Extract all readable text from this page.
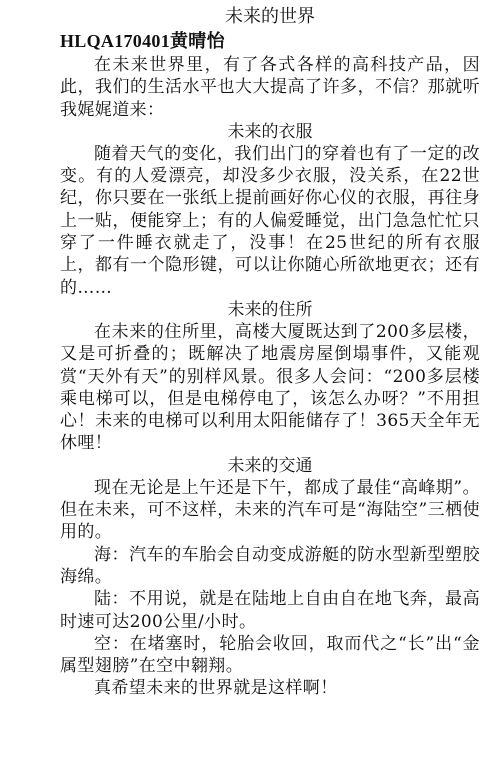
未来的世界
HLQA170401黄晴怡

在未来世界里，有了各式各样的高科技产品，因此，我们的生活水平也大大提高了许多，不信？那就听我娓娓道来：

未来的衣服

随着天气的变化，我们出门的穿着也有了一定的改变。有的人爱漂亮，却没多少衣服，没关系，在22世纪，你只要在一张纸上提前画好你心仪的衣服，再往身上一贴，便能穿上；有的人偏爱睡觉，出门急急忙忙只穿了一件睡衣就走了，没事！在25世纪的所有衣服上，都有一个隐形键，可以让你随心所欲地更衣；还有的……

未来的住所

在未来的住所里，高楼大厦既达到了200多层楼，又是可折叠的；既解决了地震房屋倒塌事件，又能观赏“天外有天”的别样风景。很多人会问：“200多层楼乘电梯可以，但是电梯停电了，该怎么办呀？”不用担心！未来的电梯可以利用太阳能储存了！365天全年无休哩！

未来的交通

现在无论是上午还是下午，都成了最佳“高峰期”。但在未来，可不这样，未来的汽车可是“海陆空”三栖使用的。

海：汽车的车胎会自动变成游艇的防水型新型塑胶海绵。

陆：不用说，就是在陆地上自由自在地飞奔，最高时速可达200公里/小时。

空：在堵塞时，轮胎会收回，取而代之“长”出“金属型翅膀”在空中翱翔。

真希望未来的世界就是这样啊！
